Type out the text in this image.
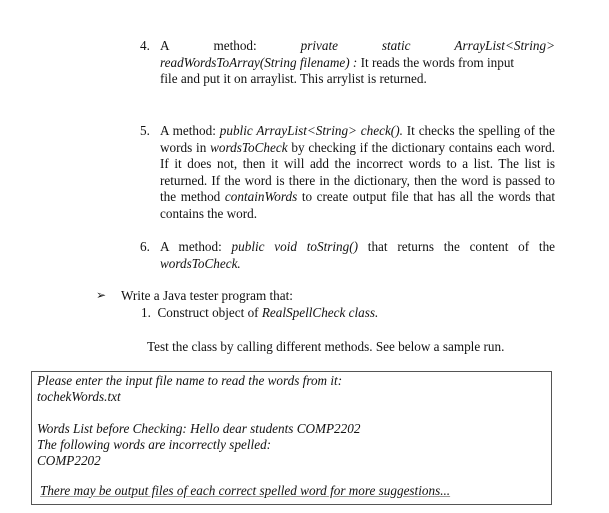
4. A	method:	private	static	ArrayList<String>
readWordsToArray(String filename) : It reads the words from input
file and put it on arraylist. This arrylist is returned.
5. A method: public ArrayList<String> check(). It checks the spelling of the words in wordsToCheck by checking if the dictionary contains each word. If it does not, then it will add the incorrect words to a list. The list is returned. If the word is there in the dictionary, then the word is passed to the method containWords to create output file that has all the words that contains the word.
6. A method: public void toString() that returns the content of the wordsToCheck.
➢ Write a Java tester program that:
1. Construct object of RealSpellCheck class.
Test the class by calling different methods. See below a sample run.
Please enter the input file name to read the words from it:
tochekWords.txt
Words List before Checking: Hello dear students COMP2202
The following words are incorrectly spelled:
COMP2202
There may be output files of each correct spelled word for more suggestions...
